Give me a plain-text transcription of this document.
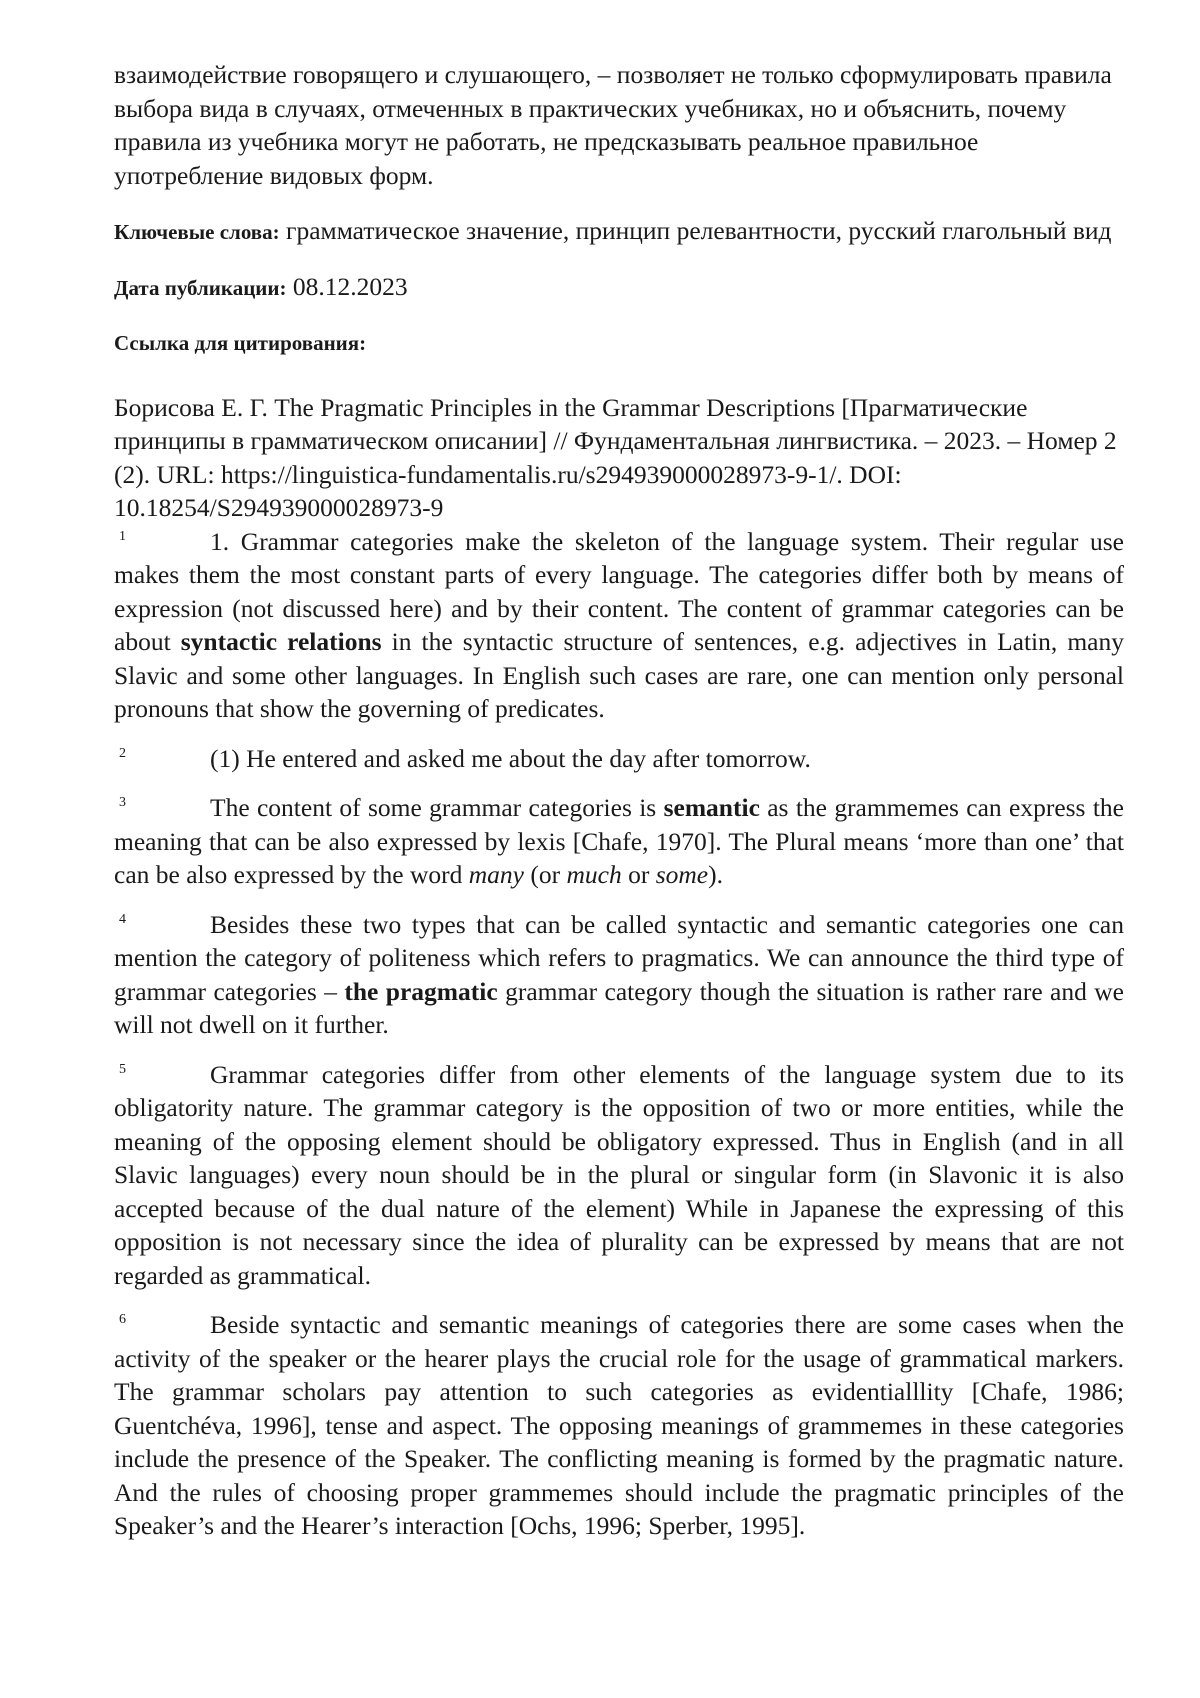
взаимодействие говорящего и слушающего, – позволяет не только сформулировать правила выбора вида в случаях, отмеченных в практических учебниках, но и объяснить, почему правила из учебника могут не работать, не предсказывать реальное правильное употребление видовых форм.

Ключевые слова: грамматическое значение, принцип релевантности, русский глагольный вид

Дата публикации: 08.12.2023

Ссылка для цитирования:

Борисова Е. Г. The Pragmatic Principles in the Grammar Descriptions [Прагматические принципы в грамматическом описании] // Фундаментальная лингвистика. – 2023. – Номер 2 (2). URL: https://linguistica-fundamentalis.ru/s294939000028973-9-1/. DOI: 10.18254/S294939000028973-9

1	1. Grammar categories make the skeleton of the language system. Their regular use makes them the most constant parts of every language. The categories differ both by means of expression (not discussed here) and by their content. The content of grammar categories can be about syntactic relations in the syntactic structure of sentences, e.g. adjectives in Latin, many Slavic and some other languages. In English such cases are rare, one can mention only personal pronouns that show the governing of predicates.
2	(1) He entered and asked me about the day after tomorrow.
3	The content of some grammar categories is semantic as the grammemes can express the meaning that can be also expressed by lexis [Chafe, 1970]. The Plural means ‘more than one’ that can be also expressed by the word many (or much or some).
4	Besides these two types that can be called syntactic and semantic categories one can mention the category of politeness which refers to pragmatics. We can announce the third type of grammar categories – the pragmatic grammar category though the situation is rather rare and we will not dwell on it further.
5	Grammar categories differ from other elements of the language system due to its obligatority nature. The grammar category is the opposition of two or more entities, while the meaning of the opposing element should be obligatory expressed. Thus in English (and in all Slavic languages) every noun should be in the plural or singular form (in Slavonic it is also accepted because of the dual nature of the element) While in Japanese the expressing of this opposition is not necessary since the idea of plurality can be expressed by means that are not regarded as grammatical.
6	Beside syntactic and semantic meanings of categories there are some cases when the activity of the speaker or the hearer plays the crucial role for the usage of grammatical markers. The grammar scholars pay attention to such categories as evidentialllity [Chafe, 1986; Guentchéva, 1996], tense and aspect. The opposing meanings of grammemes in these categories include the presence of the Speaker. The conflicting meaning is formed by the pragmatic nature. And the rules of choosing proper grammemes should include the pragmatic principles of the Speaker’s and the Hearer’s interaction [Ochs, 1996; Sperber, 1995].
